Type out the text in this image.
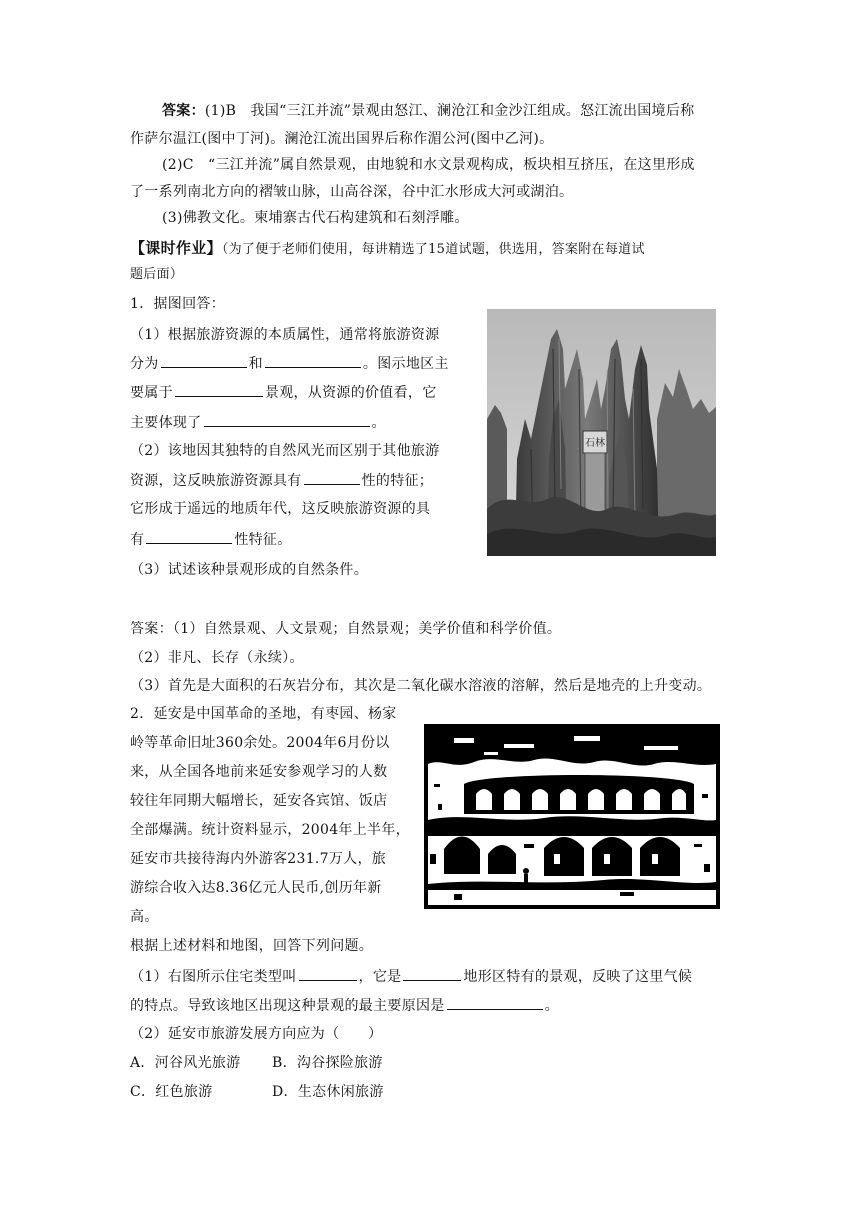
答案：(1)B　我国“三江并流”景观由怒江、澜沧江和金沙江组成。怒江流出国境后称
作萨尔温江(图中丁河)。澜沧江流出国界后称作湄公河(图中乙河)。
(2)C　“三江并流”属自然景观，由地貌和水文景观构成，板块相互挤压，在这里形成
了一系列南北方向的褶皱山脉，山高谷深，谷中汇水形成大河或湖泊。
(3)佛教文化。柬埔寨古代石构建筑和石刻浮雕。
【课时作业】（为了便于老师们使用，每讲精选了15道试题，供选用，答案附在每道试
题后面）
1．据图回答：
（1）根据旅游资源的本质属性，通常将旅游资源
分为	和	。图示地区主
要属于	景观，从资源的价值看，它
主要体现了	。
（2）该地因其独特的自然风光而区别于其他旅游
资源，这反映旅游资源具有	性的特征；
它形成于遥远的地质年代，这反映旅游资源的具
有	性特征。
（3）试述该种景观形成的自然条件。
石林
答案：（1）自然景观、人文景观；自然景观；美学价值和科学价值。
（2）非凡、长存（永续）。
（3）首先是大面积的石灰岩分布，其次是二氧化碳水溶液的溶解，然后是地壳的上升变动。
2．延安是中国革命的圣地，有枣园、杨家
岭等革命旧址360余处。2004年6月份以
来，从全国各地前来延安参观学习的人数
较往年同期大幅增长，延安各宾馆、饭店
全部爆满。统计资料显示，2004年上半年，
延安市共接待海内外游客231.7万人，旅
游综合收入达8.36亿元人民币,创历年新
高。
根据上述材料和地图，回答下列问题。
（1）右图所示住宅类型叫	，它是	地形区特有的景观，反映了这里气候
的特点。导致该地区出现这种景观的最主要原因是	。
（2）延安市旅游发展方向应为（　　）
A．河谷风光旅游 B．沟谷探险旅游
C．红色旅游	D．生态休闲旅游
